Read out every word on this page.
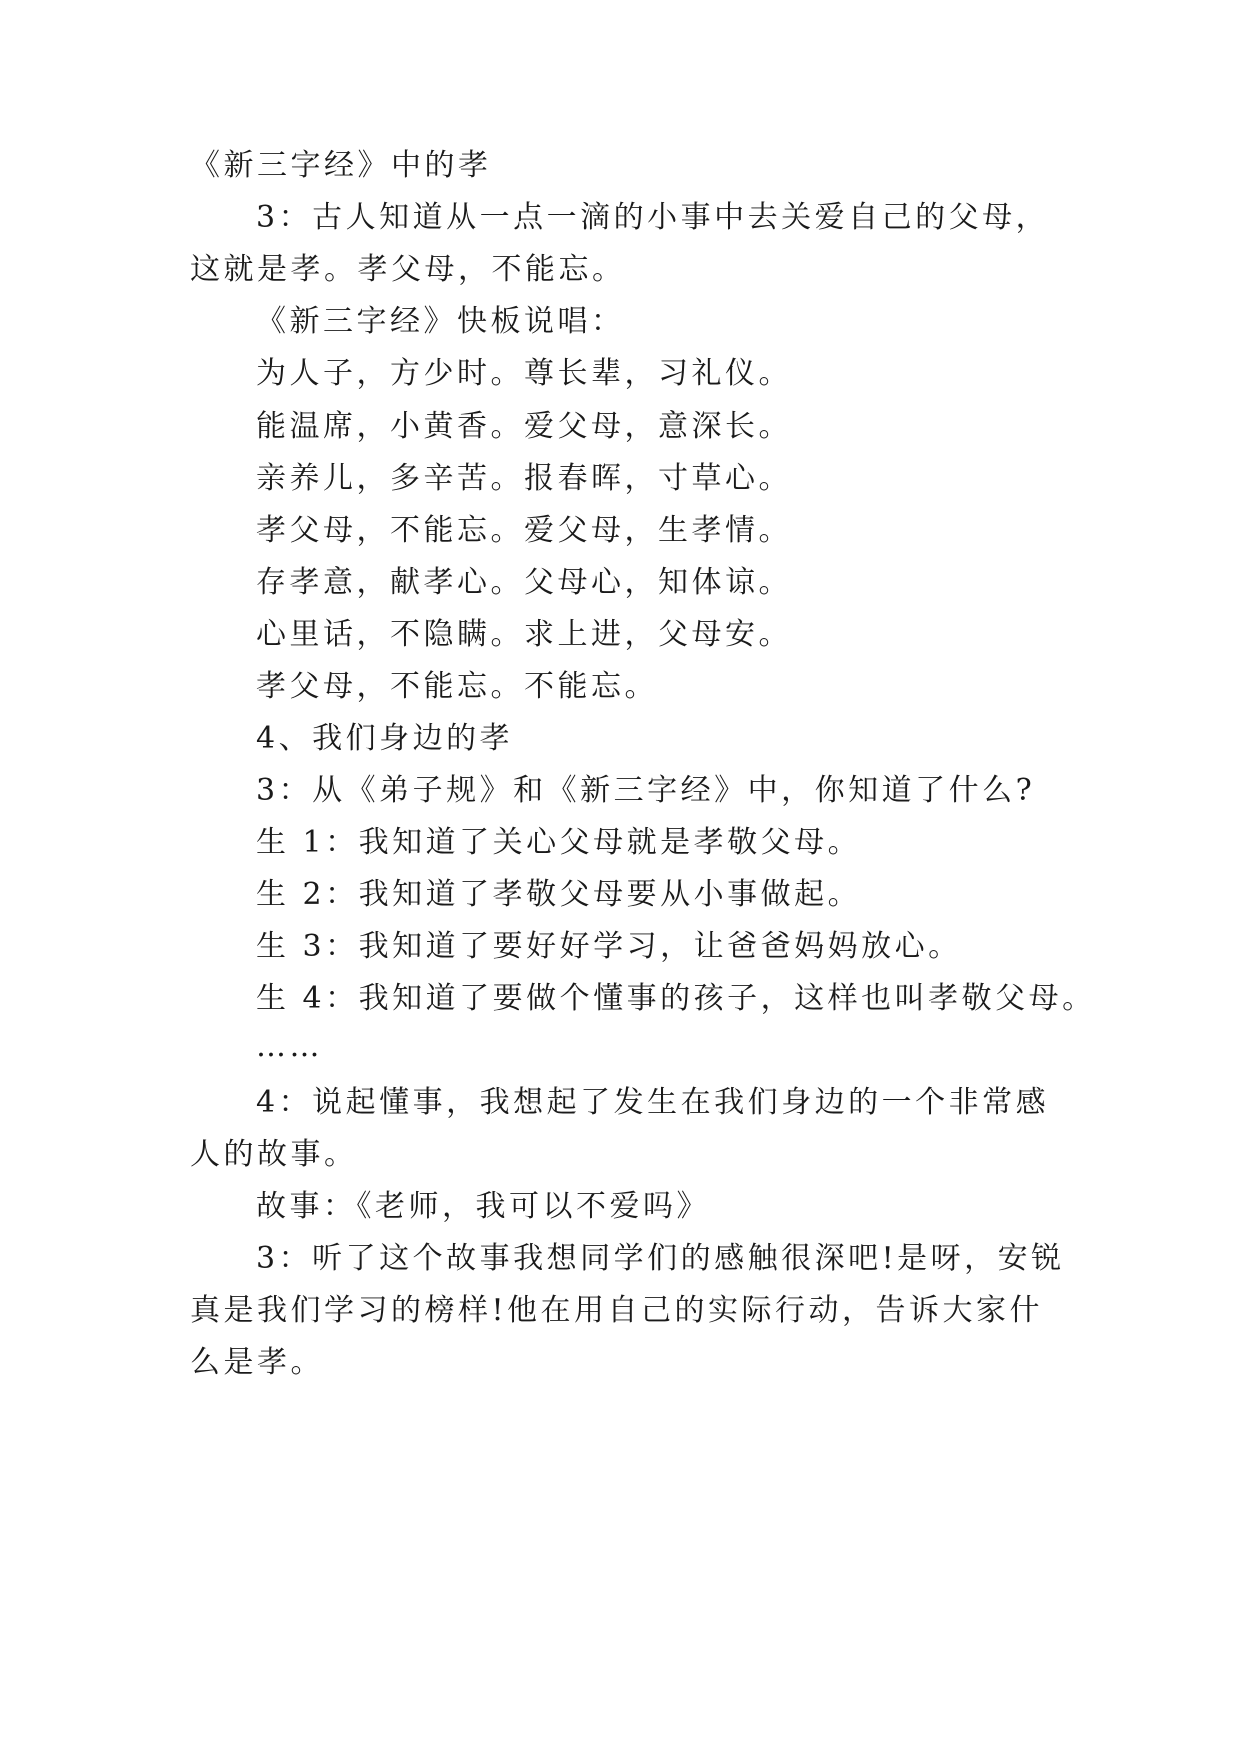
《新三字经》中的孝

3：古人知道从一点一滴的小事中去关爱自己的父母，

这就是孝。孝父母，不能忘。

《新三字经》快板说唱：

为人子，方少时。尊长辈，习礼仪。

能温席，小黄香。爱父母，意深长。

亲养儿，多辛苦。报春晖，寸草心。

孝父母，不能忘。爱父母，生孝情。

存孝意，献孝心。父母心，知体谅。

心里话，不隐瞒。求上进，父母安。

孝父母，不能忘。不能忘。

4、我们身边的孝

3：从《弟子规》和《新三字经》中，你知道了什么?

生 1：我知道了关心父母就是孝敬父母。

生 2：我知道了孝敬父母要从小事做起。

生 3：我知道了要好好学习，让爸爸妈妈放心。

生 4：我知道了要做个懂事的孩子，这样也叫孝敬父母。

……

4：说起懂事，我想起了发生在我们身边的一个非常感

人的故事。

故事：《老师，我可以不爱吗》

3：听了这个故事我想同学们的感触很深吧!是呀，安锐

真是我们学习的榜样!他在用自己的实际行动，告诉大家什

么是孝。
